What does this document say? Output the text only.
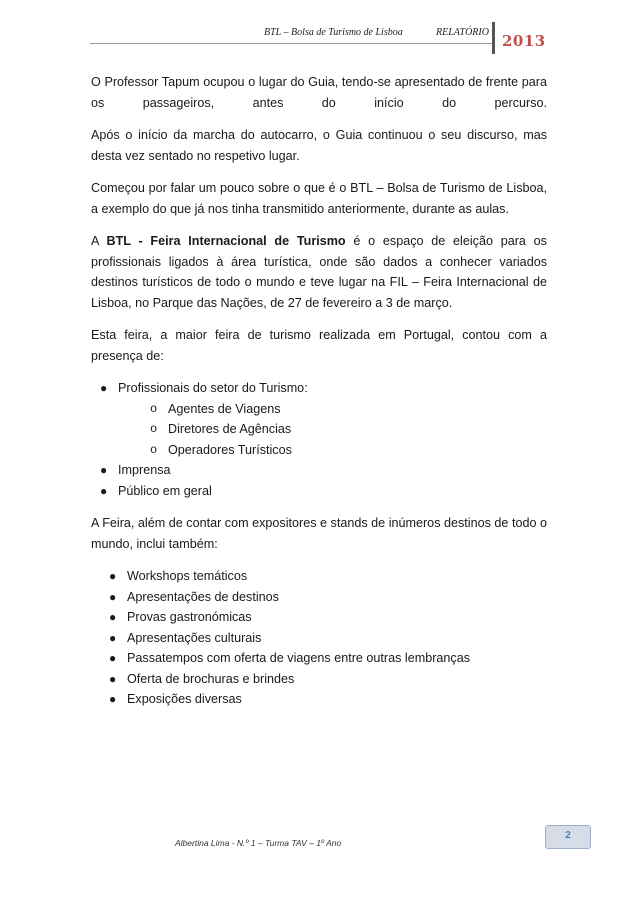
BTL – Bolsa de Turismo de Lisboa	RELATÓRIO 2013

O Professor Tapum ocupou o lugar do Guia, tendo-se apresentado de frente para os passageiros, antes do início do percurso.

Após o início da marcha do autocarro, o Guia continuou o seu discurso, mas desta vez sentado no respetivo lugar.

Começou por falar um pouco sobre o que é o BTL – Bolsa de Turismo de Lisboa, a exemplo do que já nos tinha transmitido anteriormente, durante as aulas.

A BTL - Feira Internacional de Turismo é o espaço de eleição para os profissionais ligados à área turística, onde são dados a conhecer variados destinos turísticos de todo o mundo e teve lugar na FIL – Feira Internacional de Lisboa, no Parque das Nações, de 27 de fevereiro a 3 de março.

Esta feira, a maior feira de turismo realizada em Portugal, contou com a presença de:

● Profissionais do setor do Turismo:
o Agentes de Viagens
o Diretores de Agências
o Operadores Turísticos
● Imprensa
● Público em geral

A Feira, além de contar com expositores e stands de inúmeros destinos de todo o mundo, inclui também:

● Workshops temáticos
● Apresentações de destinos
● Provas gastronómicas
● Apresentações culturais
● Passatempos com oferta de viagens entre outras lembranças
● Oferta de brochuras e brindes
● Exposições diversas
Albertina Lima - N.º 1 – Turma TAV – 1º Ano
2
